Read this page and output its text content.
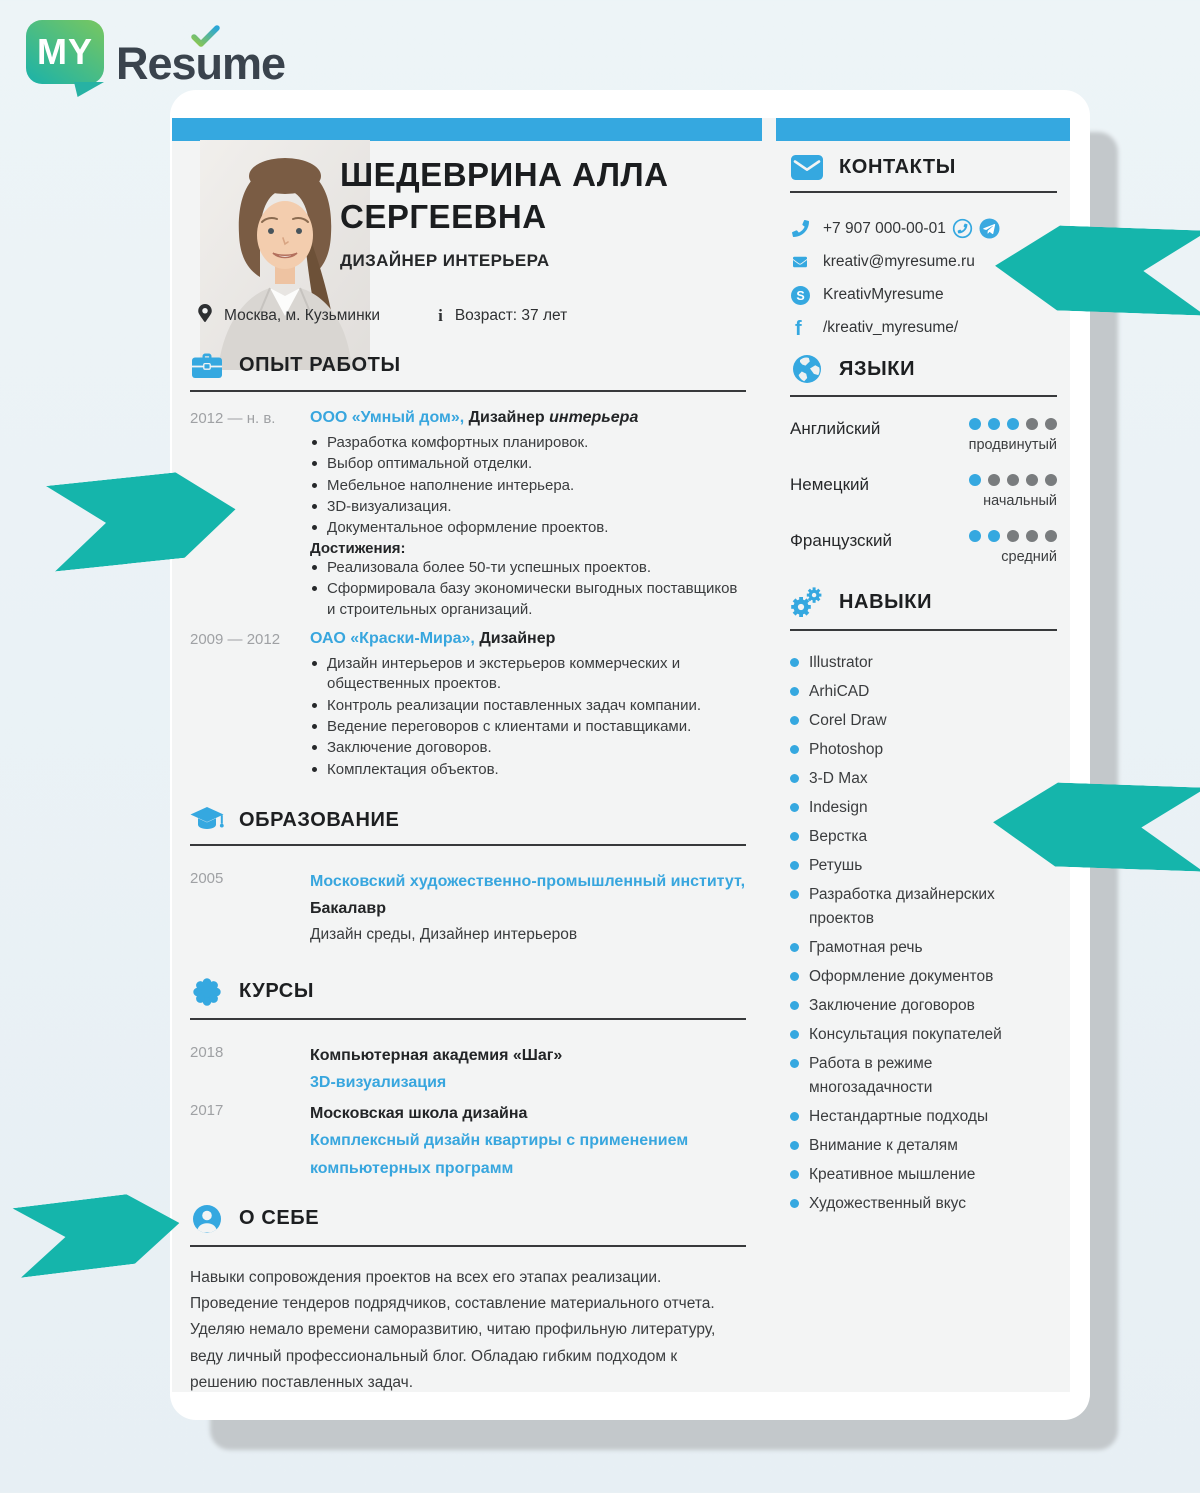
MY Resume
ШЕДЕВРИНА АЛЛА СЕРГЕЕВНА
ДИЗАЙНЕР ИНТЕРЬЕРА
Москва, м. Кузьминки	i Возраст: 37 лет
ОПЫТ РАБОТЫ
2012 — н. в.	ООО «Умный дом», Дизайнер интерьера
Разработка комфортных планировок.
Выбор оптимальной отделки.
Мебельное наполнение интерьера.
3D-визуализация.
Документальное оформление проектов.
Достижения:
Реализовала более 50-ти успешных проектов.
Сформировала базу экономически выгодных поставщиков и строительных организаций.
2009 — 2012	ОАО «Краски-Мира», Дизайнер
Дизайн интерьеров и экстерьеров коммерческих и общественных проектов.
Контроль реализации поставленных задач компании.
Ведение переговоров с клиентами и поставщиками.
Заключение договоров.
Комплектация объектов.
ОБРАЗОВАНИЕ
2005	Московский художественно-промышленный институт,
Бакалавр
Дизайн среды, Дизайнер интерьеров
КУРСЫ
2018	Компьютерная академия «Шаг»
3D-визуализация
2017	Московская школа дизайна
Комплексный дизайн квартиры с применением компьютерных программ
О СЕБЕ

Навыки сопровождения проектов на всех его этапах реализации. Проведение тендеров подрядчиков, составление материального отчета. Уделяю немало времени саморазвитию, читаю профильную литературу, веду личный профессиональный блог. Обладаю гибким подходом к решению поставленных задач.

КОНТАКТЫ
+7 907 000-00-01
kreativ@myresume.ru
S KreativMyresume
f /kreativ_myresume/
ЯЗЫКИ
Английский
продвинутый
Немецкий
начальный
Французский
средний
НАВЫКИ
Illustrator
ArhiCAD
Corel Draw
Photoshop
3-D Max
Indesign
Верстка
Ретушь
Разработка дизайнерских проектов
Грамотная речь
Оформление документов
Заключение договоров
Консультация покупателей
Работа в режиме многозадачности
Нестандартные подходы
Внимание к деталям
Креативное мышление
Художественный вкус
